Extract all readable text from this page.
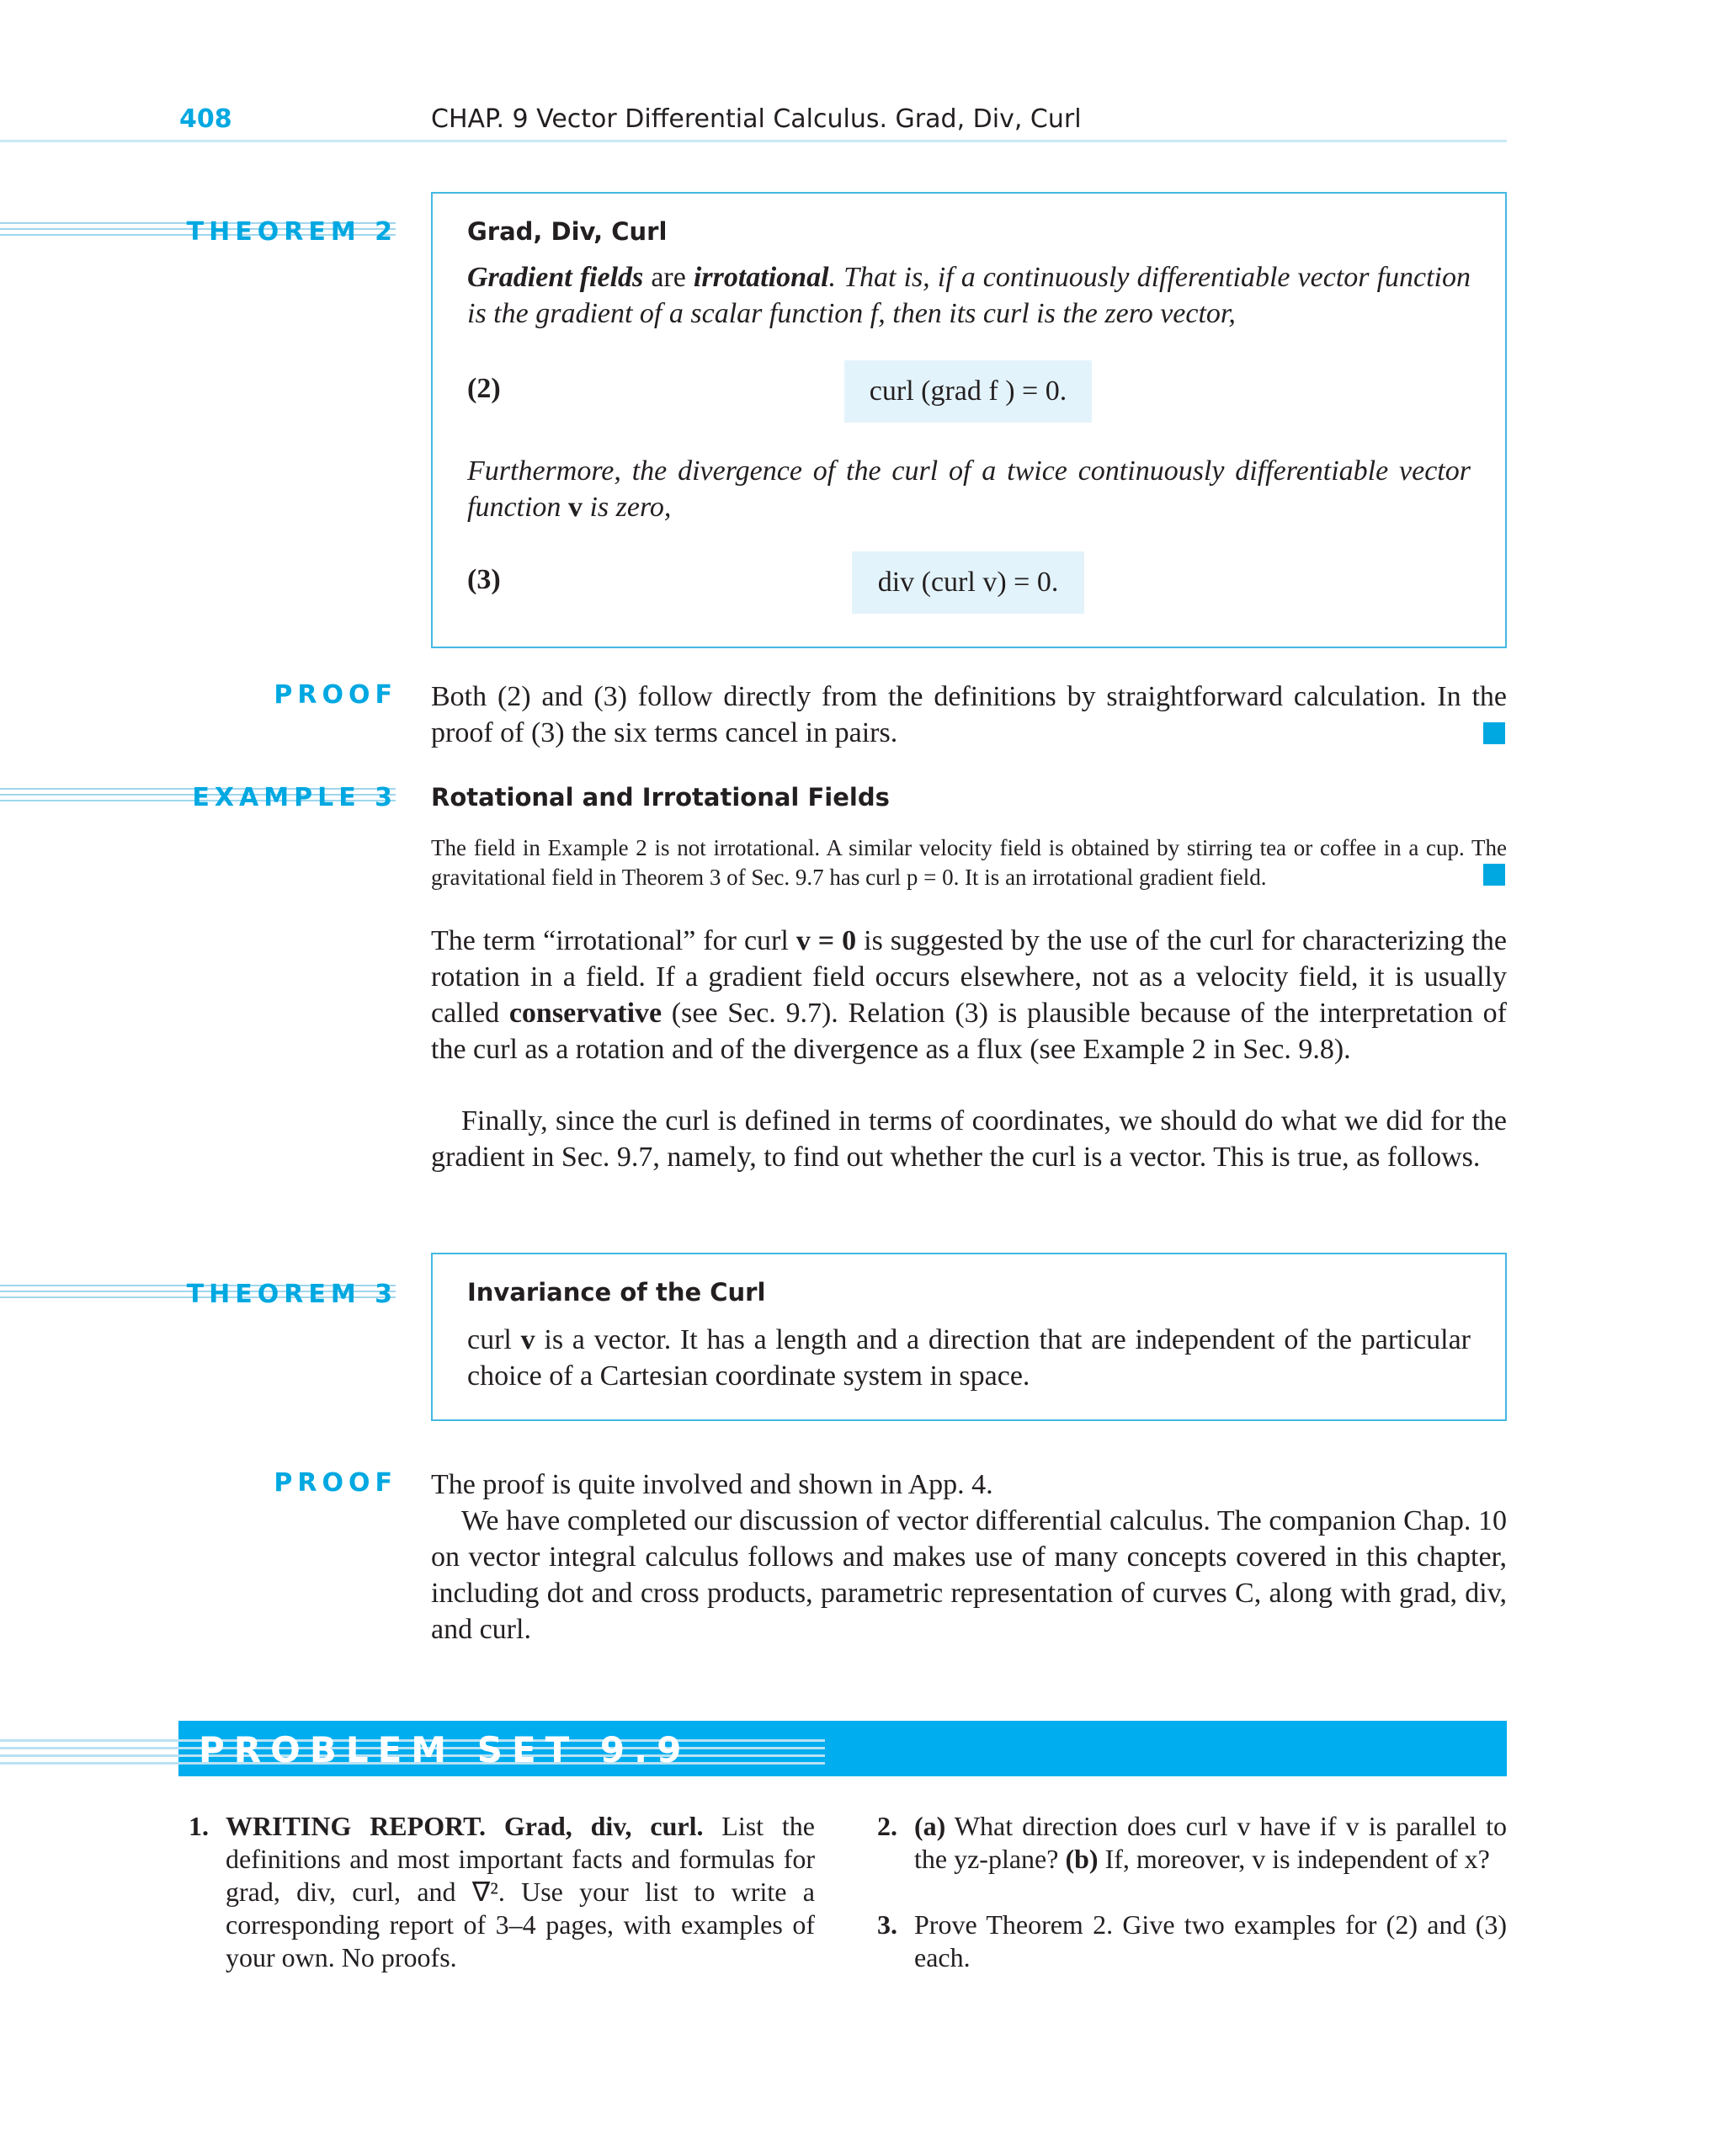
408	CHAP. 9 Vector Differential Calculus. Grad, Div, Curl
THEOREM 2	Grad, Div, Curl
Gradient fields are irrotational. That is, if a continuously differentiable vector function is the gradient of a scalar function f, then its curl is the zero vector,
(2)	curl (grad f ) = 0.
Furthermore, the divergence of the curl of a twice continuously differentiable vector function v is zero,
(3)	div (curl v) = 0.
PROOF Both (2) and (3) follow directly from the definitions by straightforward calculation. In the proof of (3) the six terms cancel in pairs.
EXAMPLE 3 Rotational and Irrotational Fields
The field in Example 2 is not irrotational. A similar velocity field is obtained by stirring tea or coffee in a cup. The gravitational field in Theorem 3 of Sec. 9.7 has curl p = 0. It is an irrotational gradient field.
The term “irrotational” for curl v = 0 is suggested by the use of the curl for characterizing the rotation in a field. If a gradient field occurs elsewhere, not as a velocity field, it is usually called conservative (see Sec. 9.7). Relation (3) is plausible because of the interpretation of the curl as a rotation and of the divergence as a flux (see Example 2 in Sec. 9.8).
Finally, since the curl is defined in terms of coordinates, we should do what we did for the gradient in Sec. 9.7, namely, to find out whether the curl is a vector. This is true, as follows.
THEOREM 3	Invariance of the Curl
curl v is a vector. It has a length and a direction that are independent of the particular choice of a Cartesian coordinate system in space.
PROOF The proof is quite involved and shown in App. 4.
We have completed our discussion of vector differential calculus. The companion Chap. 10 on vector integral calculus follows and makes use of many concepts covered in this chapter, including dot and cross products, parametric representation of curves C, along with grad, div, and curl.
PROBLEM SET 9.9
1. WRITING REPORT. Grad, div, curl. List the definitions and most important facts and formulas for grad, div, curl, and ∇². Use your list to write a corresponding report of 3–4 pages, with examples of your own. No proofs.
2. (a) What direction does curl v have if v is parallel to the yz-plane? (b) If, moreover, v is independent of x?
3. Prove Theorem 2. Give two examples for (2) and (3) each.
